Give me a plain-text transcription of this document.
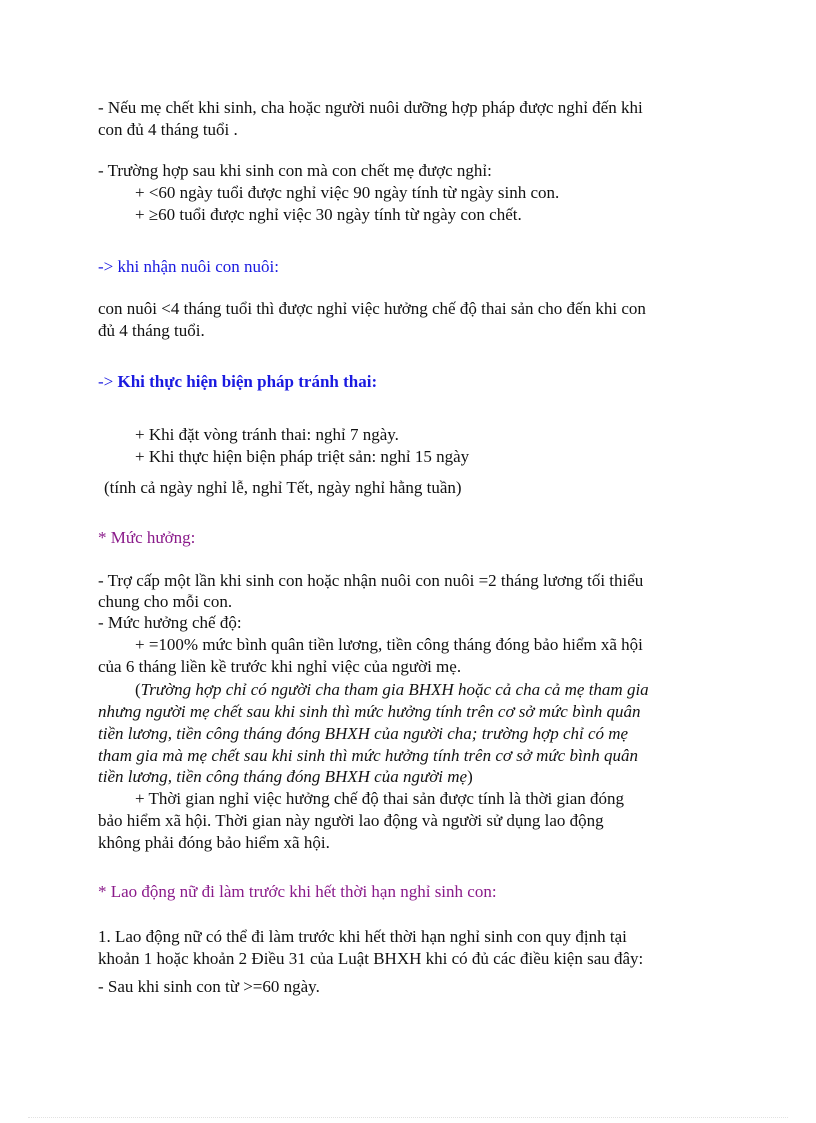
- Nếu mẹ chết khi sinh, cha hoặc người nuôi dưỡng hợp pháp được nghỉ đến khi
con đủ 4 tháng tuổi .
- Trường hợp sau khi sinh con mà con chết mẹ được nghỉ:
+ <60 ngày tuổi được nghỉ việc 90 ngày tính từ ngày sinh con.
+ ≥60 tuổi được nghỉ việc 30 ngày tính từ ngày con chết.
-> khi nhận nuôi con nuôi:
con nuôi <4 tháng tuổi thì được nghỉ việc hưởng chế độ thai sản cho đến khi con
đủ 4 tháng tuổi.
-> Khi thực hiện biện pháp tránh thai:
+ Khi đặt vòng tránh thai: nghỉ 7 ngày.
+ Khi thực hiện biện pháp triệt sản: nghỉ 15 ngày
(tính cả ngày nghỉ lễ, nghỉ Tết, ngày nghỉ hằng tuần)
* Mức hưởng:
- Trợ cấp một lần khi sinh con hoặc nhận nuôi con nuôi =2 tháng lương tối thiểu
chung cho mỗi con.
- Mức hưởng chế độ:
+ =100% mức bình quân tiền lương, tiền công tháng đóng bảo hiểm xã hội
của 6 tháng liền kề trước khi nghỉ việc của người mẹ.
(Trường hợp chỉ có người cha tham gia BHXH hoặc cả cha cả mẹ tham gia
nhưng người mẹ chết sau khi sinh thì mức hưởng tính trên cơ sở mức bình quân
tiền lương, tiền công tháng đóng BHXH của người cha; trường hợp chỉ có mẹ
tham gia mà mẹ chết sau khi sinh thì mức hưởng tính trên cơ sở mức bình quân
tiền lương, tiền công tháng đóng BHXH của người mẹ)
+ Thời gian nghỉ việc hưởng chế độ thai sản được tính là thời gian đóng
bảo hiểm xã hội. Thời gian này người lao động và người sử dụng lao động
không phải đóng bảo hiểm xã hội.
* Lao động nữ đi làm trước khi hết thời hạn nghỉ sinh con:
1. Lao động nữ có thể đi làm trước khi hết thời hạn nghỉ sinh con quy định tại
khoản 1 hoặc khoản 2 Điều 31 của Luật BHXH khi có đủ các điều kiện sau đây:
- Sau khi sinh con từ >=60 ngày.
